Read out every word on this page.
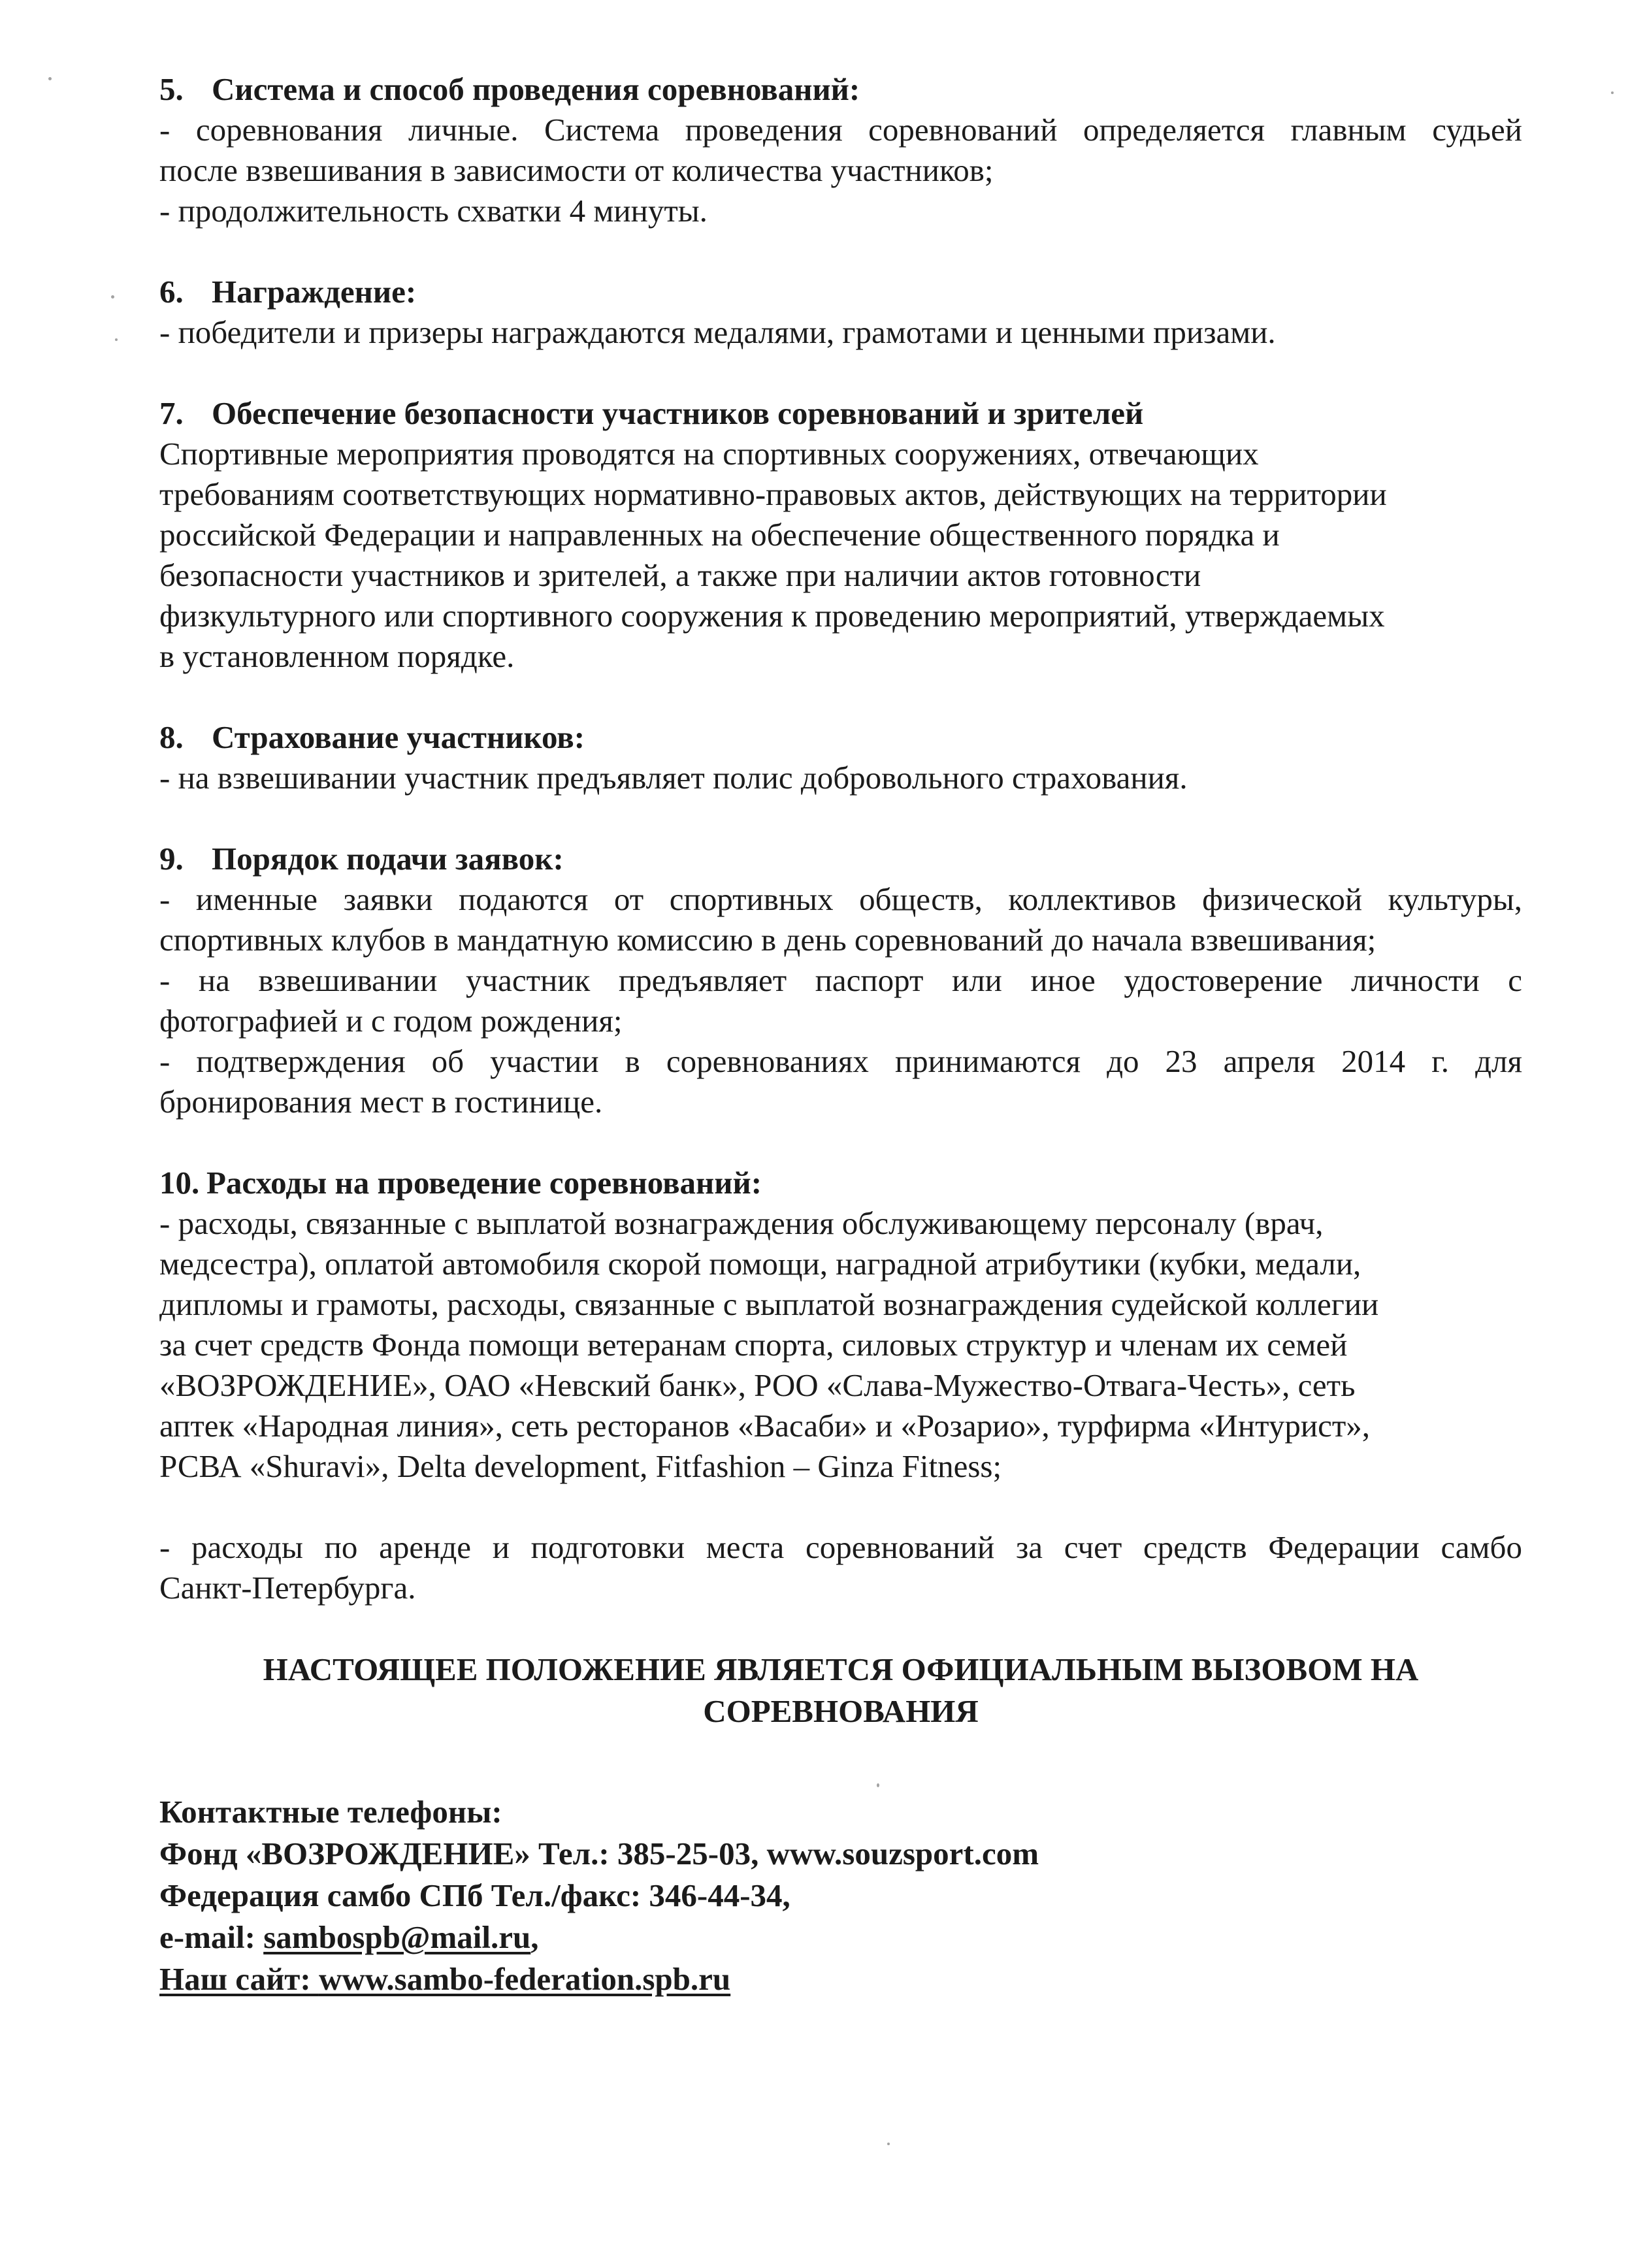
5. Система и способ проведения соревнований:

- соревнования личные. Система проведения соревнований определяется главным судьей

после взвешивания в зависимости от количества участников;

- продолжительность схватки 4 минуты.

6. Награждение:

- победители и призеры награждаются медалями, грамотами и ценными призами.

7. Обеспечение безопасности участников соревнований и зрителей

Спортивные мероприятия проводятся на спортивных сооружениях, отвечающих

требованиям соответствующих нормативно-правовых актов, действующих на территории

российской Федерации и направленных на обеспечение общественного порядка и

безопасности участников и зрителей, а также при наличии актов готовности

физкультурного или спортивного сооружения к проведению мероприятий, утверждаемых

в установленном порядке.

8. Страхование участников:

- на взвешивании участник предъявляет полис добровольного страхования.

9. Порядок подачи заявок:

- именные заявки подаются от спортивных обществ, коллективов физической культуры,

спортивных клубов в мандатную комиссию в день соревнований до начала взвешивания;

- на взвешивании участник предъявляет паспорт или иное удостоверение личности с

фотографией и с годом рождения;

- подтверждения об участии в соревнованиях принимаются до 23 апреля 2014 г. для

бронирования мест в гостинице.

10. Расходы на проведение соревнований:

- расходы, связанные с выплатой вознаграждения обслуживающему персоналу (врач,

медсестра), оплатой автомобиля скорой помощи, наградной атрибутики (кубки, медали,

дипломы и грамоты, расходы, связанные с выплатой вознаграждения судейской коллегии

за счет средств Фонда помощи ветеранам спорта, силовых структур и членам их семей

«ВОЗРОЖДЕНИЕ», ОАО «Невский банк», РОО «Слава-Мужество-Отвага-Честь», сеть

аптек «Народная линия», сеть ресторанов «Васаби» и «Розарио», турфирма «Интурист»,

РСВА «Shuravi», Delta development, Fitfashion – Ginza Fitness;

- расходы по аренде и подготовки места соревнований за счет средств Федерации самбо

Санкт-Петербурга.

НАСТОЯЩЕЕ ПОЛОЖЕНИЕ ЯВЛЯЕТСЯ ОФИЦИАЛЬНЫМ ВЫЗОВОМ НА
СОРЕВНОВАНИЯ

Контактные телефоны:

Фонд «ВОЗРОЖДЕНИЕ» Тел.: 385-25-03, www.souzsport.com

Федерация самбо СПб Тел./факс: 346-44-34,

e-mail: sambospb@mail.ru,

Наш сайт: www.sambo-federation.spb.ru
